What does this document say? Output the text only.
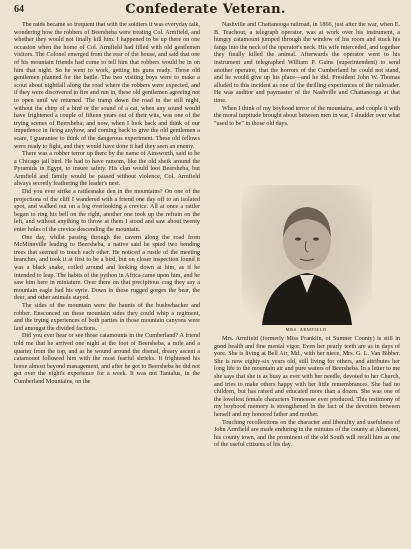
64	Confederate Veteran.

The raids became so frequent that with the soldiers it was everyday talk, wondering how the robbers of Beersheba were treating Col. Armfield, and whether they would not finally kill him. I happened to be up there on one occasion when the home of Col. Armfield had filled with old gentlemen visitors. The Colonel emerged from the rear of the house, and said that one of his mountain friends had come to tell him that robbers would be in on him that night. So he went to work, getting his guns ready. Those old gentlemen planned for the battle. The two visiting boys were to make a scout about nightfall along the road where the robbers were expected, and if they were discovered to fire and run in, these old gentlemen agreeing not to open until we returned. The tramp down the road in the still night, without the chirp of a bird or the sound of a cat, when any sound would have frightened a couple of fifteen years out of their wits, was one of the trying scenes of Beersheba; and now, when I look back and think of our impudence in firing anyhow, and coming back to give the old gentlemen a scare, I guarantee to think of the dangerous experiment. These old fellows were ready to fight, and they would have done it had they seen an enemy.

There was a robber terror up there by the name of Ainsworth, said to be a Chicago jail bird. He had to have ransom, like the old sheik around the Pyramids in Egypt, to insure safety. His clan would loot Beersheba, but Armfield and family would be passed without violence, Col. Armfield always secretly feathering the leader's nest.

Did you ever strike a rattlesnake den in the mountains? On one of the projections of the cliff I wandered with a friend one day off to an isolated spot, and walked out on a log overlooking a crevice. All at once a rattler began to ring his bell on the right, another one took up the refrain on the left, and without anything to throw at them I stood and saw about twenty enter holes of the crevice descending the mountain.

One day, whilst passing through the cavern along the road from McMinnville leading to Beersheba, a native said he spied two bending trees that seemed to touch each other. He noticed a rustle of the meeting branches, and took it at first to be a bird, but on closer inspection found it was a black snake, coiled around and looking down at him, as if he intended to leap. The habits of the python in Africa came upon him, and he saw him here in miniature. Over there on that precipitous crag they say a mountain eagle had his eyrie. Down in those rugged gorges the bear, the deer, and other animals stayed.

The sides of the mountain were the haunts of the bushwhacker and robber. Ensconced on these mountain sides they could whip a regiment, and the trying experiences of both parties in those mountain canyons were laid amongst the divided factions.

Did you ever hear or see those catamounts in the Cumberland? A friend told me that he arrived one night at the foot of Beersheba, a mile and a quarter from the top, and as he wound around the dismal, dreary ascent a catamount followed him with the most fearful shrieks. It frightened his horse almost beyond management, and after he got to Beersheba he did not get over the night's experience for a week. It was not Tantalus, in the Cumberland Mountains, on the

Nashville and Chattanooga railroad, in 1866, just after the war, when E. B. Teachout, a telegraph operator, was at work over his instrument, a hungry catamount jumped through the window of his room and stuck his fangs into the neck of the operator's neck. His wife interceded, and together they finally killed the animal. Afterwards the operator went to his instrument and telegraphed William P. Gains (superintendent) to send another operator, that the horrors of the Cumberland he could not stand, and he would give up his place—and he did. President John W. Thomas alluded to this incident as one of the thrilling experiences of the railroader. He was auditor and paymaster of the Nashville and Chattanooga at that time.

When I think of my boyhood terror of the mountains, and couple it with the moral turpitude brought about between men in war, I shudder over what "used to be" in those old days.

MRS. ARMFIELD.

Mrs. Armfield (formerly Miss Franklin, of Sumner County) is still in good health and fine mental vigor. Even her pearly teeth are as in days of yore. She is living at Bell Air, Md., with her niece, Mrs. G. L. Van Bibber. She is now eighty-six years old, still living for others, and attributes her long life to the mountain air and pure waters of Beersheba. In a letter to me she says that she is as busy as ever with her needle, devoted to her Church, and tries to make others happy with her little remembrances. She had no children, but has raised and educated more than a dozen. She was one of the loveliest female characters Tennessee ever produced. This testimony of my boyhood memory is strengthened in the fact of the devotion between herself and my honored father and mother.

Touching recollections on the character and liberality and usefulness of John Armfield are made enduring in the minutes of the county at Altamont, his county town, and the prominent of the old South will recall him as one of the useful citizens of his day.
